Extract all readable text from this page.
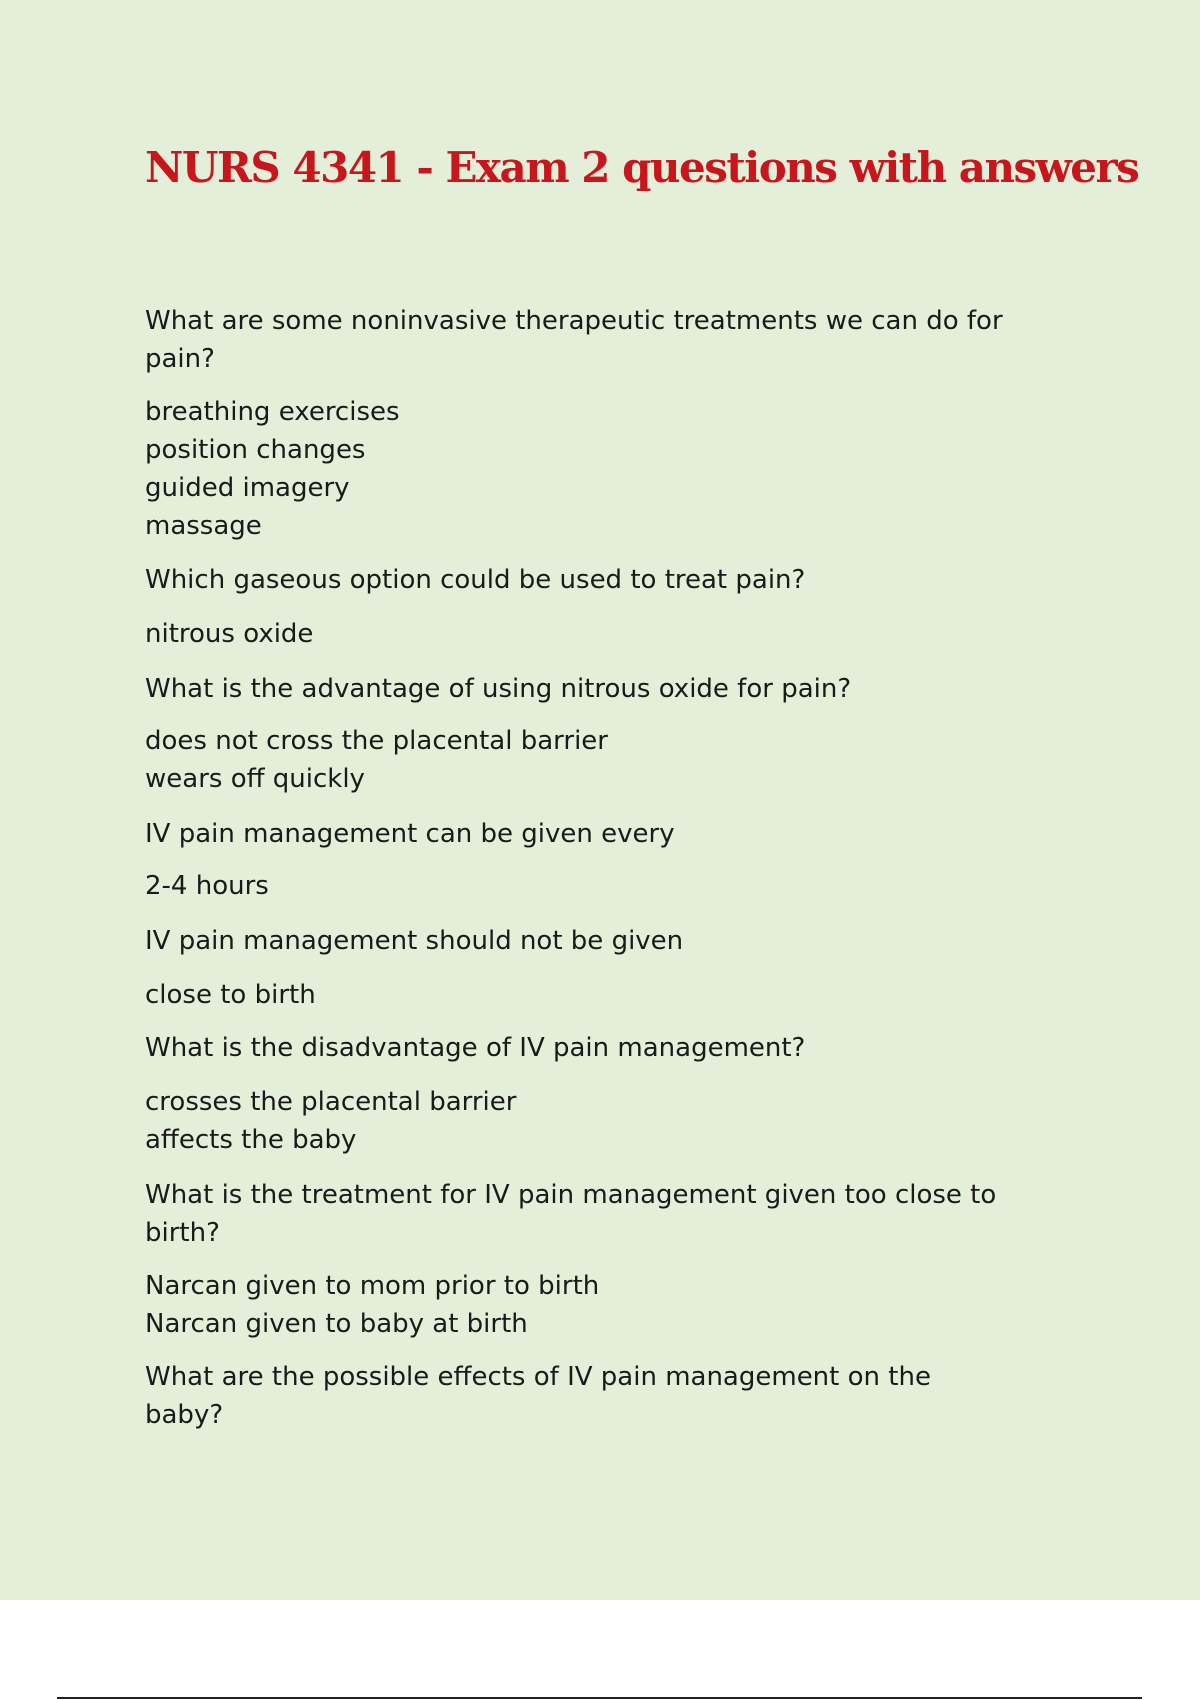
NURS 4341 - Exam 2 questions with answers
What are some noninvasive therapeutic treatments we can do for
pain?
breathing exercises
position changes
guided imagery
massage
Which gaseous option could be used to treat pain?
nitrous oxide
What is the advantage of using nitrous oxide for pain?
does not cross the placental barrier
wears off quickly
IV pain management can be given every
2-4 hours
IV pain management should not be given
close to birth
What is the disadvantage of IV pain management?
crosses the placental barrier
affects the baby
What is the treatment for IV pain management given too close to
birth?
Narcan given to mom prior to birth
Narcan given to baby at birth
What are the possible effects of IV pain management on the
baby?
